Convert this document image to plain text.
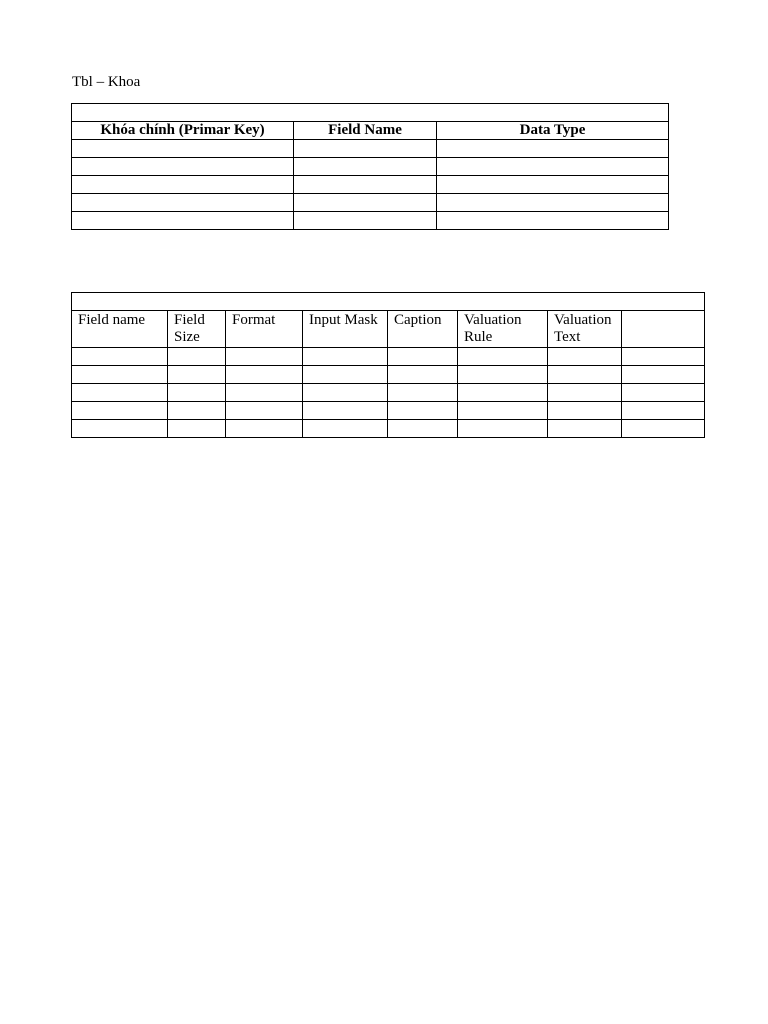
Tbl – Khoa

Khóa chính (Primar Key)	Field Name	Data Type

Field name	Field Size	Format	Input Mask	Caption	Valuation Rule	Valuation Text	
